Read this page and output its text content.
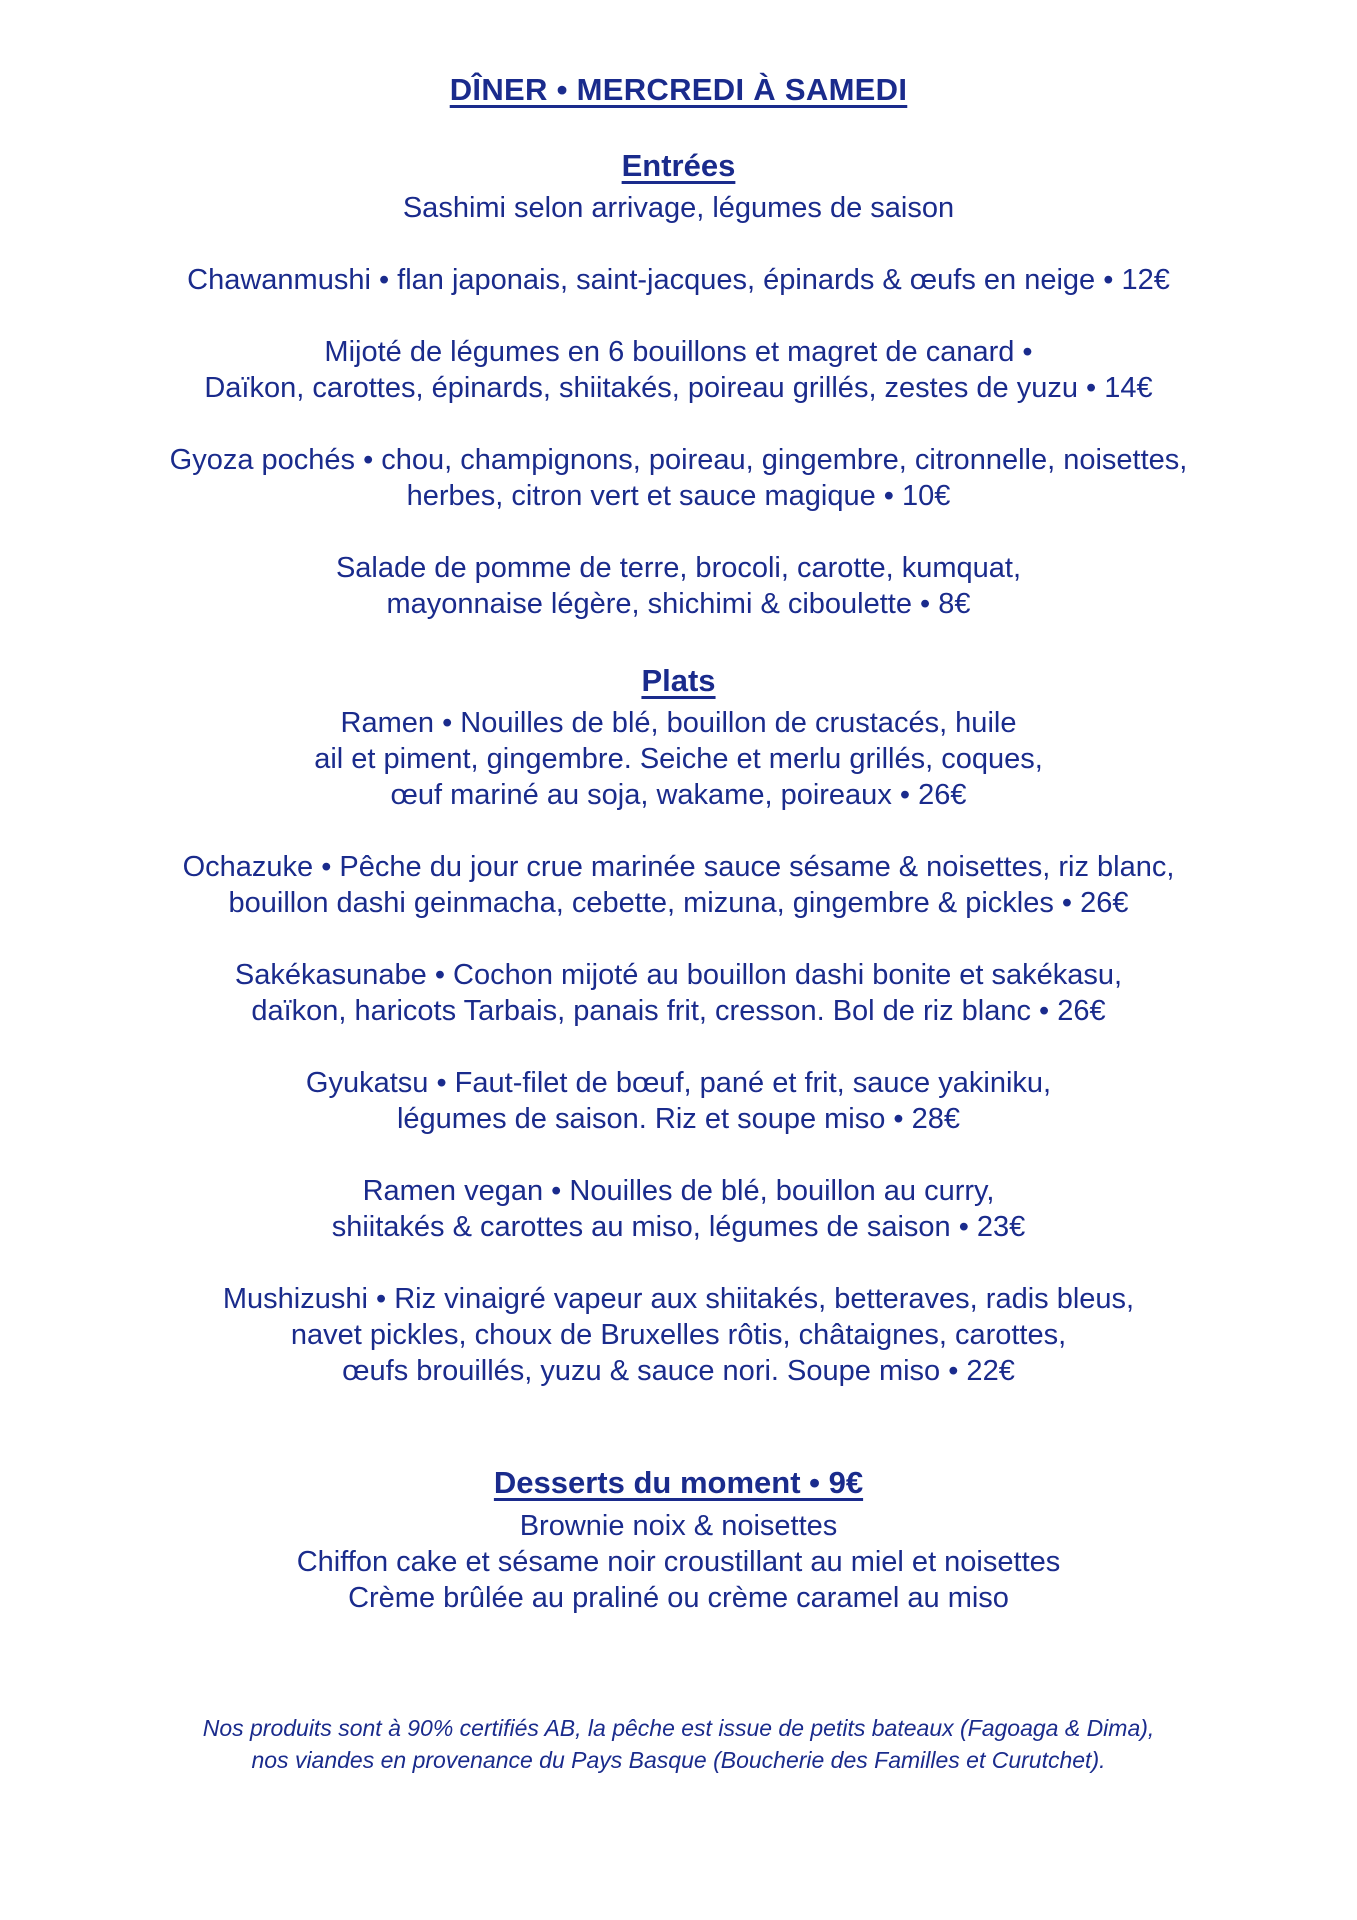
DÎNER • MERCREDI À SAMEDI
Entrées
Sashimi selon arrivage, légumes de saison
Chawanmushi • flan japonais, saint-jacques, épinards & œufs en neige • 12€
Mijoté de légumes en 6 bouillons et magret de canard •
Daïkon, carottes, épinards, shiitakés, poireau grillés, zestes de yuzu • 14€
Gyoza pochés • chou, champignons, poireau, gingembre, citronnelle, noisettes,
herbes, citron vert et sauce magique • 10€
Salade de pomme de terre, brocoli, carotte, kumquat,
mayonnaise légère, shichimi & ciboulette • 8€
Plats
Ramen • Nouilles de blé, bouillon de crustacés, huile
ail et piment, gingembre. Seiche et merlu grillés, coques,
œuf mariné au soja, wakame, poireaux • 26€
Ochazuke • Pêche du jour crue marinée sauce sésame & noisettes, riz blanc,
bouillon dashi geinmacha, cebette, mizuna, gingembre & pickles • 26€
Sakékasunabe • Cochon mijoté au bouillon dashi bonite et sakékasu,
daïkon, haricots Tarbais, panais frit, cresson. Bol de riz blanc • 26€
Gyukatsu • Faut-filet de bœuf, pané et frit, sauce yakiniku,
légumes de saison. Riz et soupe miso • 28€
Ramen vegan • Nouilles de blé, bouillon au curry,
shiitakés & carottes au miso, légumes de saison • 23€
Mushizushi • Riz vinaigré vapeur aux shiitakés, betteraves, radis bleus,
navet pickles, choux de Bruxelles rôtis, châtaignes, carottes,
œufs brouillés, yuzu & sauce nori. Soupe miso • 22€
Desserts du moment • 9€
Brownie noix & noisettes
Chiffon cake et sésame noir croustillant au miel et noisettes
Crème brûlée au praliné ou crème caramel au miso
Nos produits sont à 90% certifiés AB, la pêche est issue de petits bateaux (Fagoaga & Dima),
nos viandes en provenance du Pays Basque (Boucherie des Familles et Curutchet).
